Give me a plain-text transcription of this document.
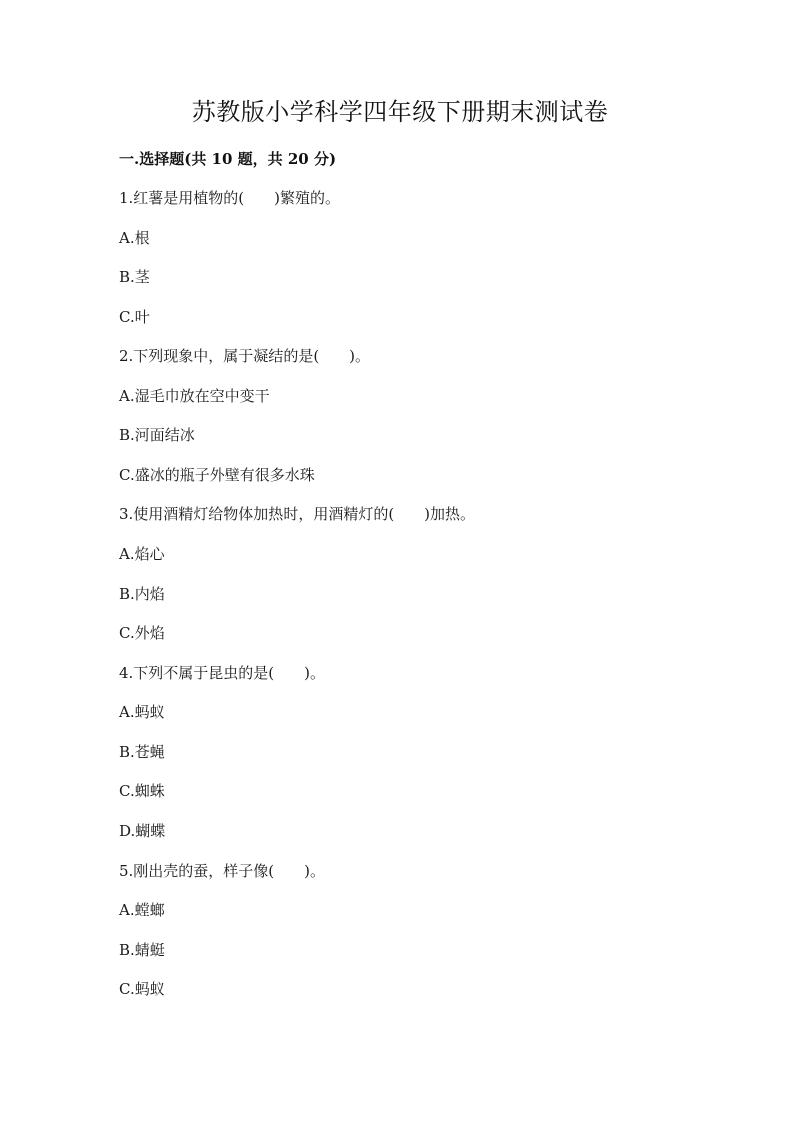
苏教版小学科学四年级下册期末测试卷
一.选择题(共 10 题，共 20 分)
1.红薯是用植物的(　　)繁殖的。
A.根
B.茎
C.叶
2.下列现象中，属于凝结的是(　　)。
A.湿毛巾放在空中变干
B.河面结冰
C.盛冰的瓶子外壁有很多水珠
3.使用酒精灯给物体加热时，用酒精灯的(　　)加热。
A.焰心
B.内焰
C.外焰
4.下列不属于昆虫的是(　　)。
A.蚂蚁
B.苍蝇
C.蜘蛛
D.蝴蝶
5.刚出壳的蚕，样子像(　　)。
A.螳螂
B.蜻蜓
C.蚂蚁
